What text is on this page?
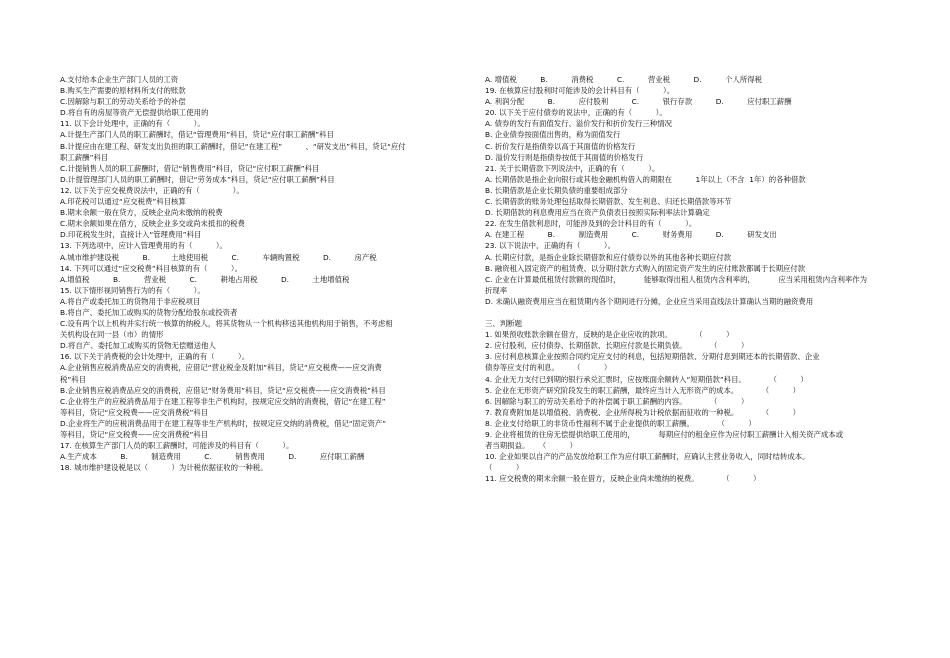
A.支付给本企业生产部门人员的工资
B.购买生产需要的原材料所支付的账款
C.因解除与职工的劳动关系给予的补偿
D.将自有的房屋等资产无偿提供给职工使用的
11. 以下会计处理中，正确的有（          ）。
A.计提生产部门人员的职工薪酬时，借记“管理费用”科目，贷记“应付职工薪酬”科目
B.计提应由在建工程、研发支出负担的职工薪酬时，借记“在建工程”          、“研发支出”科目，贷记“应付
职工薪酬”科目
C.计提销售人员的职工薪酬时，借记“销售费用”科目，贷记“应付职工薪酬”科目
D.计提管理部门人员的职工薪酬时，借记“劳务成本”科目，贷记“应付职工薪酬”科目
12. 以下关于应交税费说法中，正确的有（              ）。
A.印花税可以通过“应交税费”科目核算
B.期末余额一般在贷方，反映企业尚未缴纳的税费
C.期末余额如果在借方，反映企业多交或尚未抵扣的税费
D.印花税发生时，直接计入“管理费用”科目
13. 下列选项中，应计入管理费用的有（          ）。
A.城市维护建设税          B.         土地使用税          C.          车辆购置税          D.          房产税
14. 下列可以通过“应交税费”科目核算的有（          ）。
A.增值税          B.          营业税          C.          耕地占用税          D.          土地增值税
15. 以下情形视同销售行为的有（          ）。
A.将自产或委托加工的货物用于非应税项目
B.将自产、委托加工或购买的货物分配给股东或投资者
C.设有两个以上机构并实行统一核算的纳税人，将其货物从一个机构移送其他机构用于销售，不考虑相
关机构设在同一县（市）的情形
D.将自产、委托加工或购买的货物无偿赠送他人
16. 以下关于消费税的会计处理中，正确的有（          ）。
A.企业销售应税消费品应交的消费税，应借记“营业税金及附加”科目，贷记“应交税费——应交消费
税”科目
B.企业销售应税消费品应交的消费税，应借记“财务费用”科目，贷记“应交税费——应交消费税”科目
C.企业将生产的应税消费品用于在建工程等非生产机构时，按规定应交纳的消费税，借记“在建工程”
等科目，贷记“应交税费——应交消费税”科目
D.企业将生产的应税消费品用于在建工程等非生产机构时，按规定应交纳的消费税，借记“固定资产”
等科目，贷记“应交税费——应交消费税”科目
17. 在核算生产部门人员的职工薪酬时，可能涉及的科目有（          ）。
A.生产成本          B.          制造费用          C.          销售费用          D.          应付职工薪酬
18. 城市维护建设税是以（          ）为计税依据征收的一种税。
A. 增值税          B.          消费税          C.          营业税          D.          个人所得税
19. 在核算应付股利时可能涉及的会计科目有（          ）。
A. 利润分配          B.          应付股利          C.          银行存款          D.          应付职工薪酬
20. 以下关于应付债券的说法中，正确的有（          ）。
A. 债券的发行有面值发行、溢价发行和折价发行三种情况
B. 企业债券按面值出售的，称为面值发行
C. 折价发行是指债券以高于其面值的价格发行
D. 溢价发行则是指债券按低于其面值的价格发行
21. 关于长期借款下列说法中，正确的有（          ）。
A. 长期借款是指企业向银行或其他金融机构借入的期限在          1年以上（不含  1年）的各种借款
B. 长期借款是企业长期负债的重要组成部分
C. 长期借款的账务处理包括取得长期借款、发生利息、归还长期借款等环节
D. 长期借款的利息费用应当在资产负债表日按照实际利率法计算确定
22. 在发生借款利息时，可能涉及到的会计科目的有（          ）。
A. 在建工程          B.          制造费用          C.          财务费用          D.          研发支出
23. 以下说法中，正确的有（          ）。
A. 长期应付款，是指企业除长期借款和应付债券以外的其他各种长期应付款
B. 融资租入固定资产的租赁费、以分期付款方式购入的固定资产发生的应付账款都属于长期应付款
C. 企业在计算最低租赁付款额的现值时，          能够取得出租人租赁内含利率的，          应当采用租赁内含利率作为
折现率
D. 未确认融资费用应当在租赁期内各个期间进行分摊，企业应当采用直线法计算确认当期的融资费用
三、判断题
1. 如果预收账款余额在借方，反映的是企业应收的款项。          （          ）
2. 应付股利、应付债券、长期借款、长期应付款是长期负债。          （          ）
3. 应付利息核算企业按照合同约定应支付的利息，包括短期借款、分期付息到期还本的长期借款、企业
债券等应支付的利息。      （          ）
4. 企业无力支付已到期的银行承兑汇票时，应按账面余额转入“短期借款”科目。          （          ）
5. 企业在无形资产研究阶段发生的职工薪酬，最终应当计入无形资产的成本。          （          ）
6. 因解除与职工的劳动关系给予的补偿属于职工薪酬的内容。          （          ）
7. 教育费附加是以增值税、消费税、企业所得税为计税依据而征收的一种税。          （          ）
8. 企业支付给职工的非货币性福利不属于企业提供的职工薪酬。          （          ）
9. 企业将租赁的住房无偿提供给职工使用的，          每期应付的租金应作为应付职工薪酬计入相关资产成本或
者当期损益。    （          ）
10. 企业如果以自产的产品发放给职工作为应付职工薪酬时，应确认主营业务收入，同时结转成本。
（          ）
11. 应交税费的期末余额一般在借方，反映企业尚未缴纳的税费。          （          ）
